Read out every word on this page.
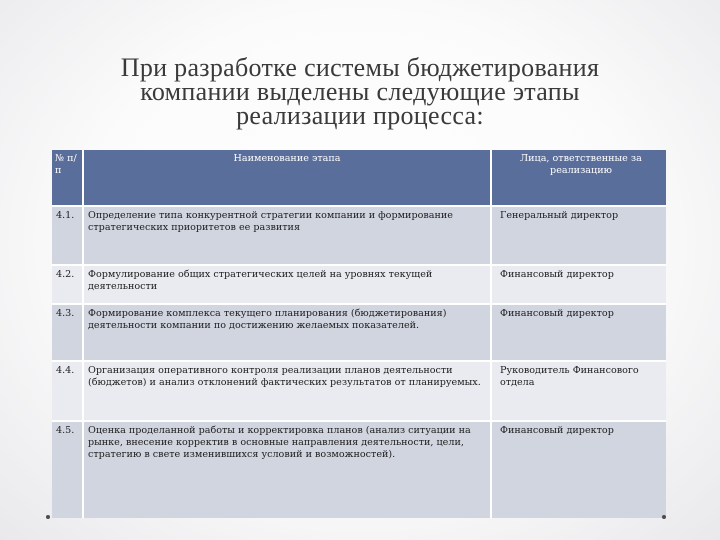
При разработке системы бюджетирования
компании выделены следующие этапы
реализации процесса:
№ п/п	Наименование этапа	Лица, ответственные за реализацию
4.1.	Определение типа конкурентной стратегии компании и формирование стратегических приоритетов ее развития	Генеральный директор
4.2.	Формулирование общих стратегических целей на уровнях текущей деятельности	Финансовый директор
4.3.	Формирование комплекса текущего планирования (бюджетирования) деятельности компании по достижению желаемых показателей.	Финансовый директор
4.4.	Организация оперативного контроля реализации планов деятельности (бюджетов) и анализ отклонений фактических результатов от планируемых.	Руководитель Финансового отдела
4.5.	Оценка проделанной работы и корректировка планов (анализ ситуации на рынке, внесение корректив в основные направления деятельности, цели, стратегию в свете изменившихся условий и возможностей).	Финансовый директор
